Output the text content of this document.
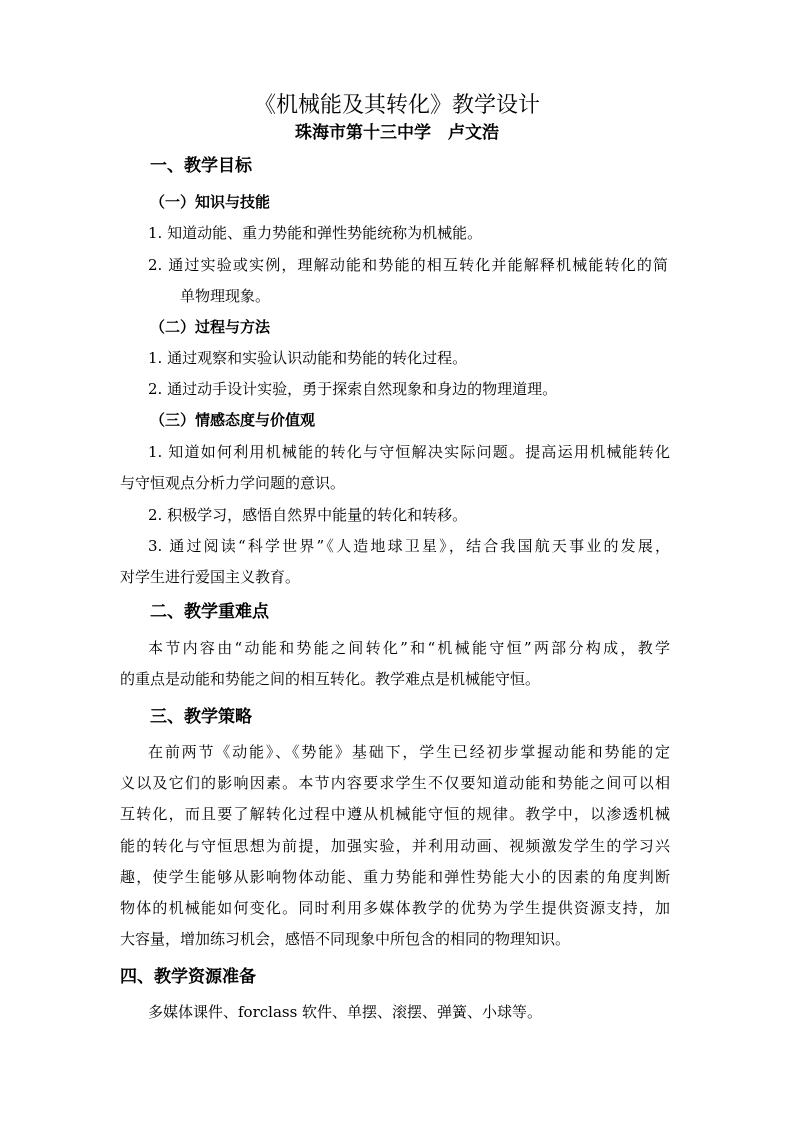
《机械能及其转化》教学设计
珠海市第十三中学　卢文浩
一、教学目标
（一）知识与技能
1. 知道动能、重力势能和弹性势能统称为机械能。
2. 通过实验或实例，理解动能和势能的相互转化并能解释机械能转化的简
单物理现象。
（二）过程与方法
1. 通过观察和实验认识动能和势能的转化过程。
2. 通过动手设计实验，勇于探索自然现象和身边的物理道理。
（三）情感态度与价值观
1. 知道如何利用机械能的转化与守恒解决实际问题。提高运用机械能转化
与守恒观点分析力学问题的意识。
2. 积极学习，感悟自然界中能量的转化和转移。
3. 通过阅读“科学世界”《人造地球卫星》，结合我国航天事业的发展，
对学生进行爱国主义教育。
二、教学重难点
本节内容由“动能和势能之间转化”和“机械能守恒”两部分构成，教学
的重点是动能和势能之间的相互转化。教学难点是机械能守恒。
三、教学策略
在前两节《动能》、《势能》基础下，学生已经初步掌握动能和势能的定
义以及它们的影响因素。本节内容要求学生不仅要知道动能和势能之间可以相
互转化，而且要了解转化过程中遵从机械能守恒的规律。教学中，以渗透机械
能的转化与守恒思想为前提，加强实验，并利用动画、视频激发学生的学习兴
趣，使学生能够从影响物体动能、重力势能和弹性势能大小的因素的角度判断
物体的机械能如何变化。同时利用多媒体教学的优势为学生提供资源支持，加
大容量，增加练习机会，感悟不同现象中所包含的相同的物理知识。
四、教学资源准备
多媒体课件、forclass 软件、单摆、滚摆、弹簧、小球等。
